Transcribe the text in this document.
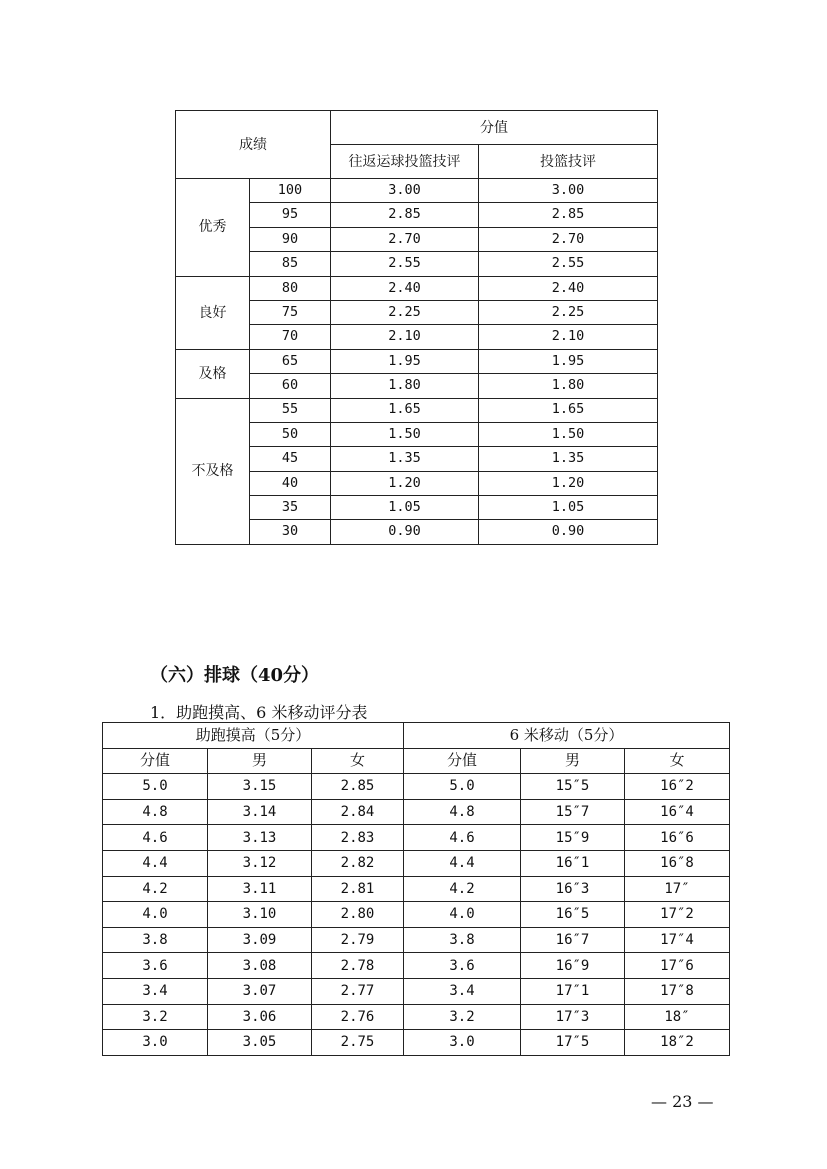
成绩		分值	
		往返运球投篮技评	投篮技评
优秀	100	3.00	3.00
	95	2.85	2.85
	90	2.70	2.70
	85	2.55	2.55
良好	80	2.40	2.40
	75	2.25	2.25
	70	2.10	2.10
及格	65	1.95	1.95
	60	1.80	1.80
不及格	55	1.65	1.65
	50	1.50	1.50
	45	1.35	1.35
	40	1.20	1.20
	35	1.05	1.05
	30	0.90	0.90
（六）排球（40分）
1．助跑摸高、6 米移动评分表
助跑摸高（5分）			6 米移动（5分）		
分值	男	女	分值	男	女
5.0	3.15	2.85	5.0	15″5	16″2
4.8	3.14	2.84	4.8	15″7	16″4
4.6	3.13	2.83	4.6	15″9	16″6
4.4	3.12	2.82	4.4	16″1	16″8
4.2	3.11	2.81	4.2	16″3	17″
4.0	3.10	2.80	4.0	16″5	17″2
3.8	3.09	2.79	3.8	16″7	17″4
3.6	3.08	2.78	3.6	16″9	17″6
3.4	3.07	2.77	3.4	17″1	17″8
3.2	3.06	2.76	3.2	17″3	18″
3.0	3.05	2.75	3.0	17″5	18″2
— 23 —
